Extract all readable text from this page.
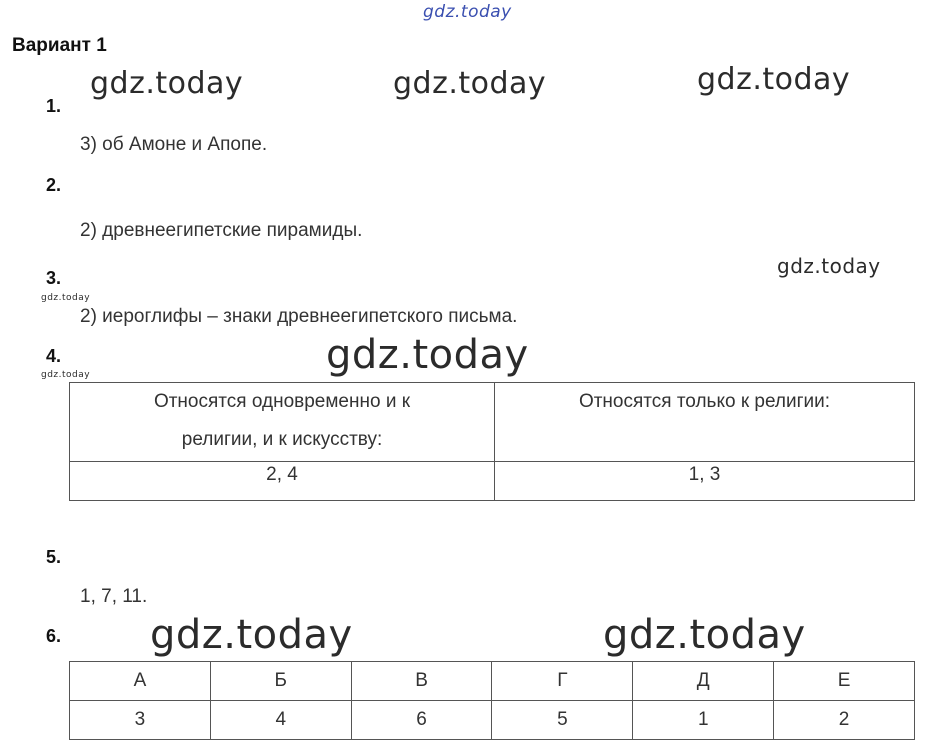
gdz.today
gdz.today	gdz.today	gdz.today
gdz.today
gdz.today
gdz.today
gdz.today
gdz.today	gdz.today
Вариант 1
1.
3) об Амоне и Апопе.
2.
2) древнеегипетские пирамиды.
3.
2) иероглифы – знаки древнеегипетского письма.
4.
Относятся одновременно и к
религии, и к искусству:	Относятся только к религии:

2, 4	1, 3
5.
1, 7, 11.
6.
А	Б	В	Г	Д	Е
3	4	6	5	1	2
